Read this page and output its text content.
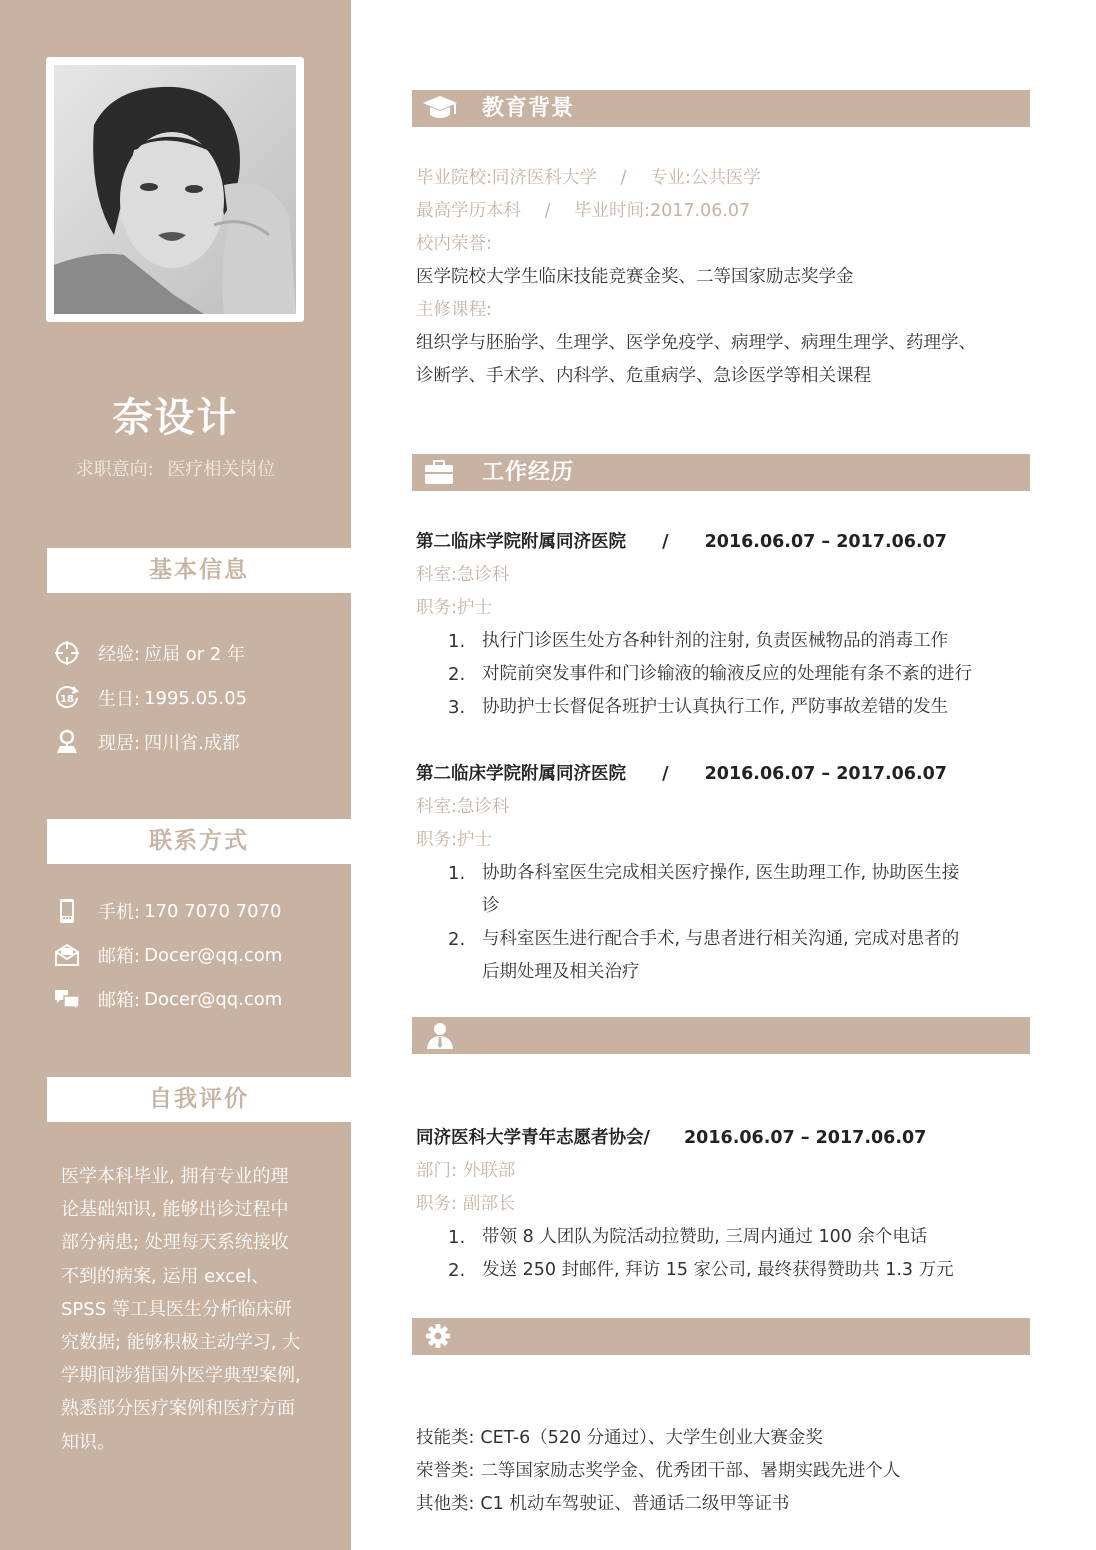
奈设计
求职意向: 医疗相关岗位
基本信息
经验: 应届 or 2 年
18 生日: 1995.05.05
现居: 四川省.成都
联系方式
手机: 170 7070 7070
邮箱: Docer@qq.com
邮箱: Docer@qq.com
自我评价

医学本科毕业, 拥有专业的理论基础知识, 能够出诊过程中部分病患; 处理每天系统接收不到的病案, 运用 excel、SPSS 等工具医生分析临床研究数据; 能够积极主动学习, 大学期间涉猎国外医学典型案例, 熟悉部分医疗案例和医疗方面知识。

教育背景
毕业院校:同济医科大学 / 专业:公共医学
最高学历本科 / 毕业时间:2017.06.07
校内荣誉:
医学院校大学生临床技能竞赛金奖、二等国家励志奖学金
主修课程:
组织学与胚胎学、生理学、医学免疫学、病理学、病理生理学、药理学、
诊断学、手术学、内科学、危重病学、急诊医学等相关课程
工作经历
第二临床学院附属同济医院 / 2016.06.07 – 2017.06.07
科室:急诊科
职务:护士
1. 执行门诊医生处方各种针剂的注射, 负责医械物品的消毒工作
2. 对院前突发事件和门诊输液的输液反应的处理能有条不紊的进行
3. 协助护士长督促各班护士认真执行工作, 严防事故差错的发生
第二临床学院附属同济医院 / 2016.06.07 – 2017.06.07
科室:急诊科
职务:护士
1. 协助各科室医生完成相关医疗操作, 医生助理工作, 协助医生接
诊
2. 与科室医生进行配合手术, 与患者进行相关沟通, 完成对患者的
后期处理及相关治疗
同济医科大学青年志愿者协会/ 2016.06.07 – 2017.06.07
部门: 外联部
职务: 副部长
1. 带领 8 人团队为院活动拉赞助, 三周内通过 100 余个电话
2. 发送 250 封邮件, 拜访 15 家公司, 最终获得赞助共 1.3 万元
技能类: CET-6（520 分通过）、大学生创业大赛金奖
荣誉类: 二等国家励志奖学金、优秀团干部、暑期实践先进个人
其他类: C1 机动车驾驶证、普通话二级甲等证书
